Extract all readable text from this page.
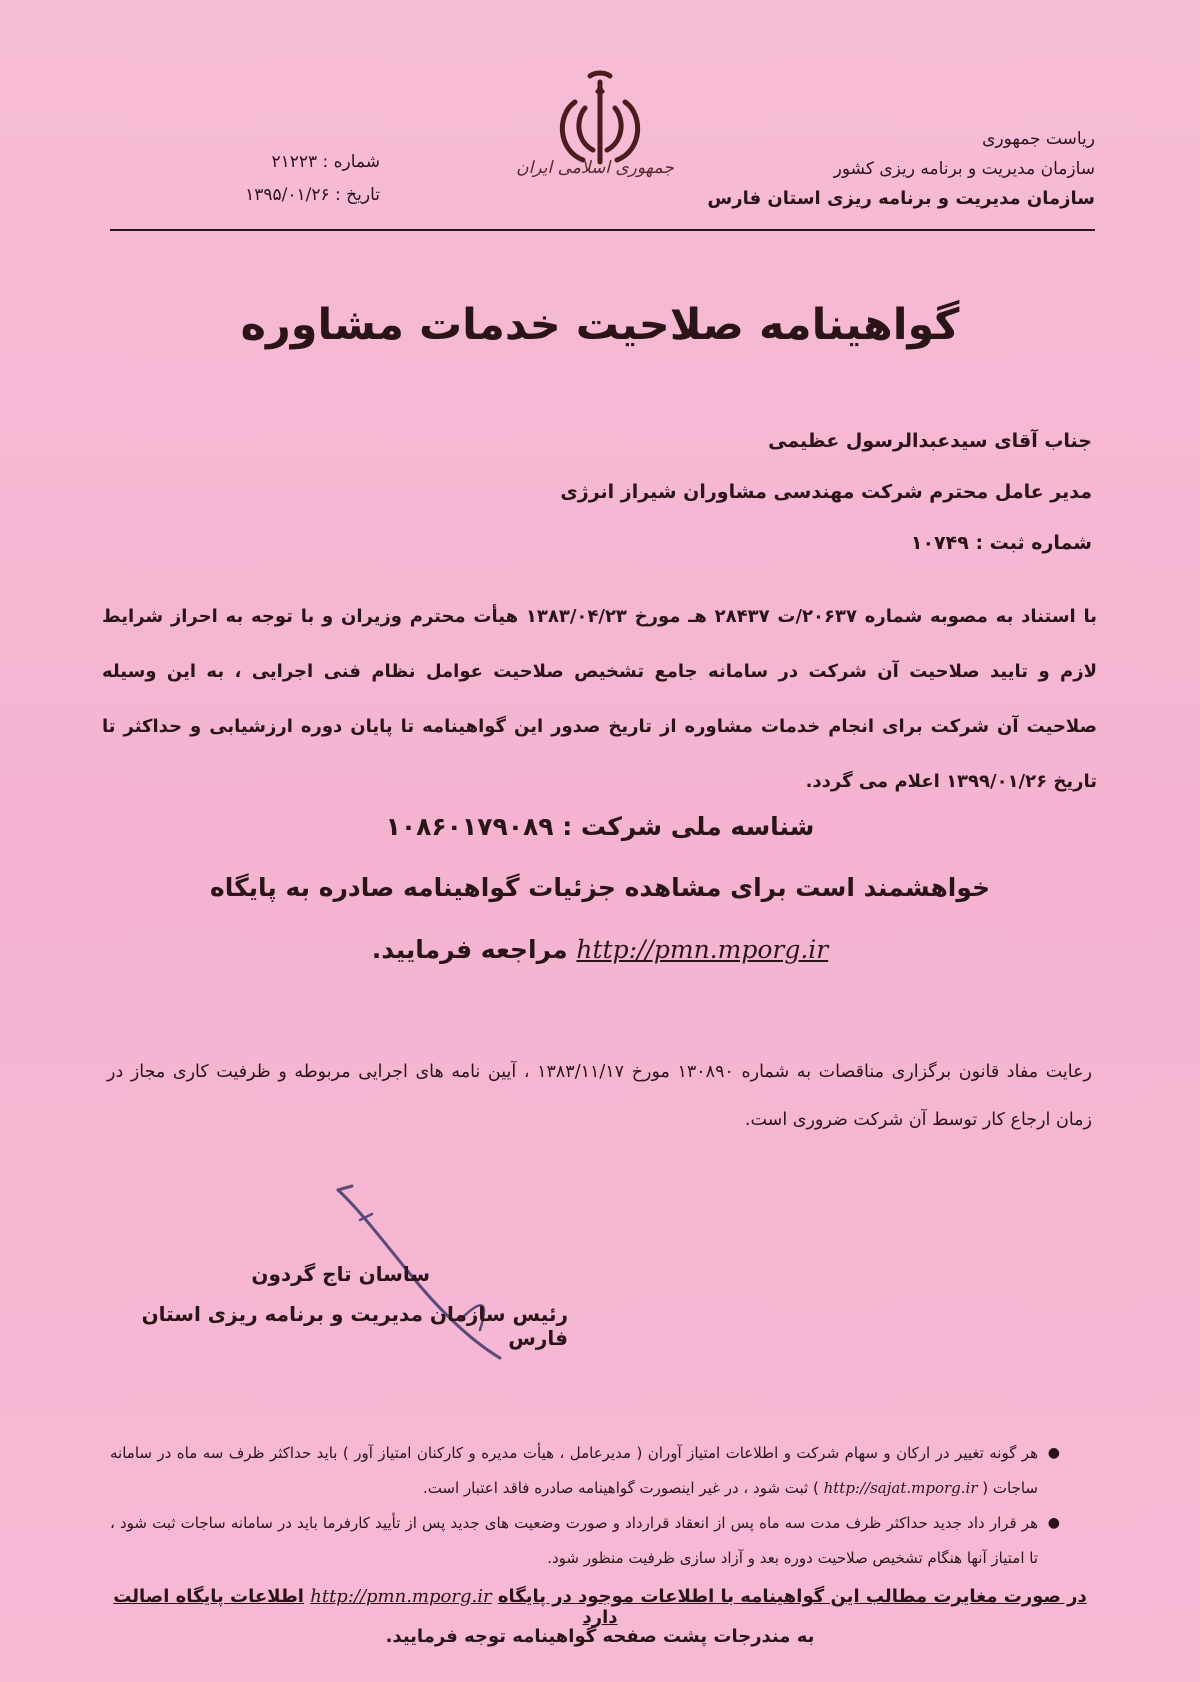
ریاست جمهوری
سازمان مدیریت و برنامه ریزی کشور
سازمان مدیریت و برنامه ریزی استان فارس
جمهوری اسلامی ایران
شماره : ۲۱۲۲۳
تاریخ : ۱۳۹۵/۰۱/۲۶
گواهینامه صلاحیت خدمات مشاوره
جناب آقای سیدعبدالرسول عظیمی
مدیر عامل محترم شرکت مهندسی مشاوران شیراز انرژی
شماره ثبت : ۱۰۷۴۹
با استناد به مصوبه شماره ۲۰۶۳۷/ت ۲۸۴۳۷ هـ مورخ ۱۳۸۳/۰۴/۲۳ هیأت محترم وزیران و با توجه به احراز شرایط لازم و تایید صلاحیت آن شرکت در سامانه جامع تشخیص صلاحیت عوامل نظام فنی اجرایی ، به این وسیله صلاحیت آن شرکت برای انجام خدمات مشاوره از تاریخ صدور این گواهینامه تا پایان دوره ارزشیابی و حداکثر تا تاریخ ۱۳۹۹/۰۱/۲۶ اعلام می گردد.
شناسه ملی شرکت : ۱۰۸۶۰۱۷۹۰۸۹
خواهشمند است برای مشاهده جزئیات گواهینامه صادره به پایگاه
http://pmn.mporg.ir مراجعه فرمایید.
رعایت مفاد قانون برگزاری مناقصات به شماره ۱۳۰۸۹۰ مورخ ۱۳۸۳/۱۱/۱۷ ، آیین نامه های اجرایی مربوطه و ظرفیت کاری مجاز در زمان ارجاع کار توسط آن شرکت ضروری است.
ساسان تاج گردون
رئیس سازمان مدیریت و برنامه ریزی استان فارس
●
هر گونه تغییر در ارکان و سهام شرکت و اطلاعات امتیاز آوران ( مدیرعامل ، هیأت مدیره و کارکنان امتیاز آور ) باید حداکثر ظرف سه ماه در سامانه ساجات ( http://sajat.mporg.ir ) ثبت شود ، در غیر اینصورت گواهینامه صادره فاقد اعتبار است.
●
هر قرار داد جدید حداکثر ظرف مدت سه ماه پس از انعقاد قرارداد و صورت وضعیت های جدید پس از تأیید کارفرما باید در سامانه ساجات ثبت شود ، تا امتیاز آنها هنگام تشخیص صلاحیت دوره بعد و آزاد سازی ظرفیت منظور شود.
در صورت مغایرت مطالب این گواهینامه با اطلاعات موجود در پایگاه http://pmn.mporg.ir اطلاعات پایگاه اصالت دارد
به مندرجات پشت صفحه گواهینامه توجه فرمایید.
